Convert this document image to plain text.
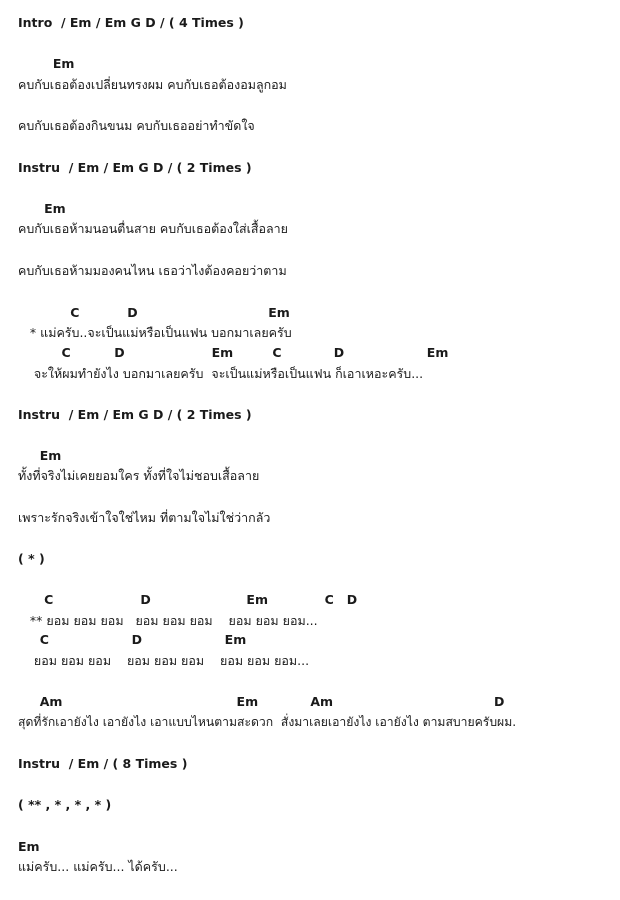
Intro  / Em / Em G D / ( 4 Times )
Em
คบกับเธอต้องเปลี่ยนทรงผม คบกับเธอต้องอมลูกอม
คบกับเธอต้องกินขนม คบกับเธออย่าทำขัดใจ
Instru  / Em / Em G D / ( 2 Times )
Em
คบกับเธอห้ามนอนตื่นสาย คบกับเธอต้องใส่เสื้อลาย
คบกับเธอห้ามมองคนไหน เธอว่าไงต้องคอยว่าตาม
C           D                              Em
* แม่ครับ..จะเป็นแม่หรือเป็นแฟน บอกมาเลยครับ
C          D                    Em         C            D                   Em
จะให้ผมทำยังไง บอกมาเลยครับ  จะเป็นแม่หรือเป็นแฟน ก็เอาเหอะครับ...
Instru  / Em / Em G D / ( 2 Times )
Em
ทั้งที่จริงไม่เคยยอมใคร ทั้งที่ใจไม่ชอบเสื้อลาย
เพราะรักจริงเข้าใจใช่ไหม ที่ตามใจไม่ใช่ว่ากลัว
( * )
C                    D                      Em             C   D
** ยอม ยอม ยอม   ยอม ยอม ยอม    ยอม ยอม ยอม...
C                   D                   Em
ยอม ยอม ยอม    ยอม ยอม ยอม    ยอม ยอม ยอม...
Am                                        Em            Am                                     D
สุดที่รักเอายังไง เอายังไง เอาแบบไหนตามสะดวก  สั่งมาเลยเอายังไง เอายังไง ตามสบายครับผม.
Instru  / Em / ( 8 Times )
( ** , * , * , * )
Em
แม่ครับ... แม่ครับ... ได้ครับ...
